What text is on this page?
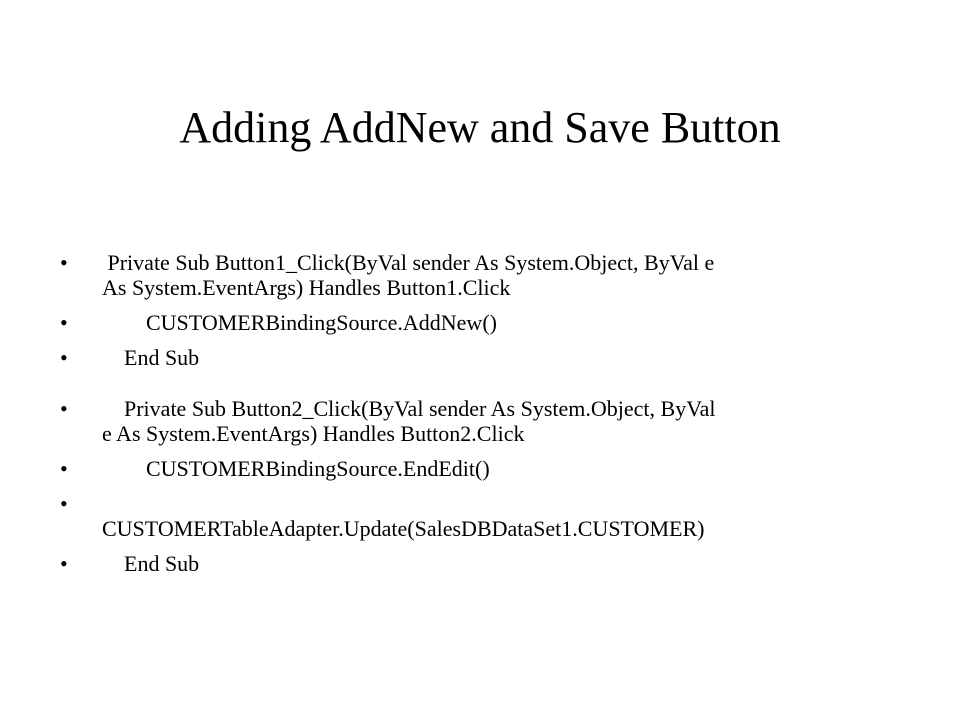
Adding AddNew and Save Button
• Private Sub Button1_Click(ByVal sender As System.Object, ByVal e
As System.EventArgs) Handles Button1.Click
• CUSTOMERBindingSource.AddNew()
• End Sub
• Private Sub Button2_Click(ByVal sender As System.Object, ByVal
e As System.EventArgs) Handles Button2.Click
• CUSTOMERBindingSource.EndEdit()
•

CUSTOMERTableAdapter.Update(SalesDBDataSet1.CUSTOMER)
• End Sub
